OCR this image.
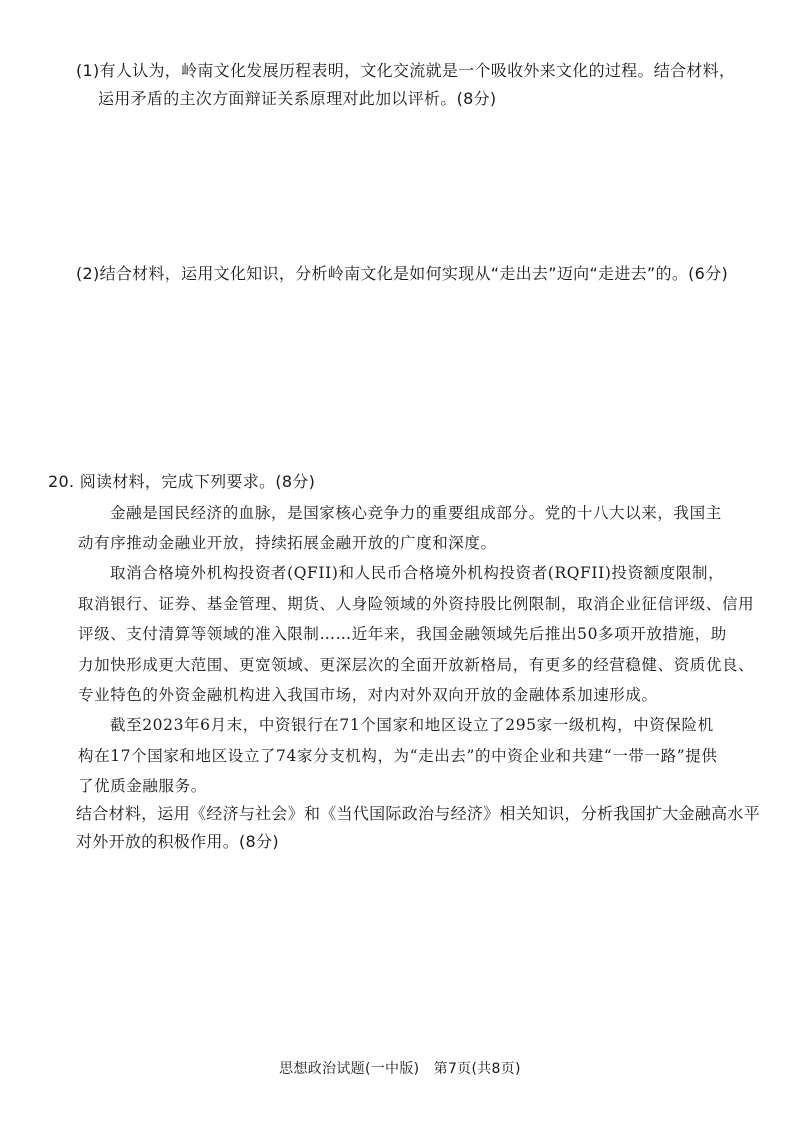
(1)有人认为，岭南文化发展历程表明，文化交流就是一个吸收外来文化的过程。结合材料，
运用矛盾的主次方面辩证关系原理对此加以评析。(8分)
(2)结合材料，运用文化知识，分析岭南文化是如何实现从“走出去”迈向“走进去”的。(6分)
20. 阅读材料，完成下列要求。(8分)
金融是国民经济的血脉，是国家核心竞争力的重要组成部分。党的十八大以来，我国主
动有序推动金融业开放，持续拓展金融开放的广度和深度。
取消合格境外机构投资者(QFII)和人民币合格境外机构投资者(RQFII)投资额度限制，
取消银行、证券、基金管理、期货、人身险领域的外资持股比例限制，取消企业征信评级、信用
评级、支付清算等领域的准入限制……近年来，我国金融领域先后推出50多项开放措施，助
力加快形成更大范围、更宽领域、更深层次的全面开放新格局，有更多的经营稳健、资质优良、
专业特色的外资金融机构进入我国市场，对内对外双向开放的金融体系加速形成。
截至2023年6月末，中资银行在71个国家和地区设立了295家一级机构，中资保险机
构在17个国家和地区设立了74家分支机构，为“走出去”的中资企业和共建“一带一路”提供
了优质金融服务。
结合材料，运用《经济与社会》和《当代国际政治与经济》相关知识，分析我国扩大金融高水平
对外开放的积极作用。(8分)
思想政治试题(一中版)　第7页(共8页)
